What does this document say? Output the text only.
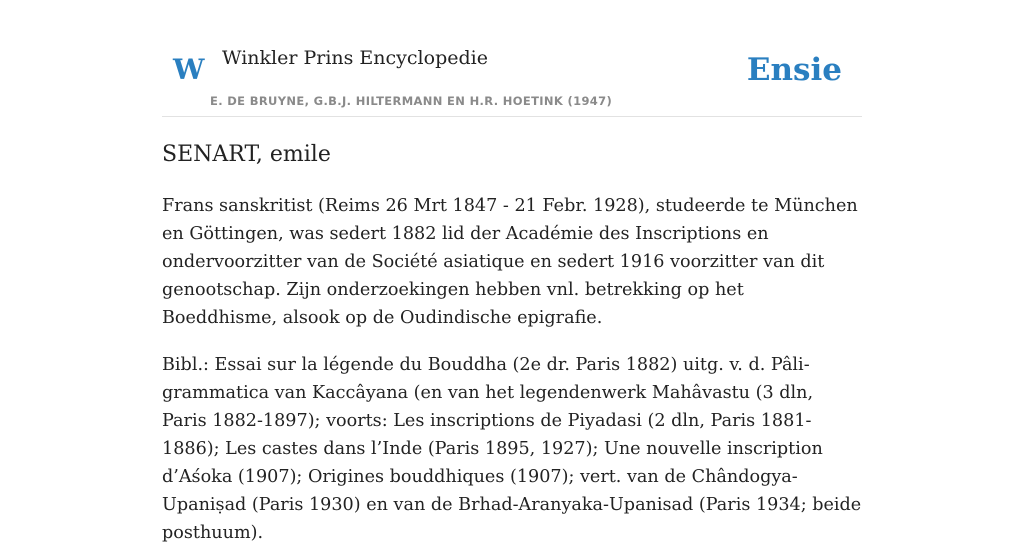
W Winkler Prins Encyclopedie
E. DE BRUYNE, G.B.J. HILTERMANN EN H.R. HOETINK (1947)
Ensie
SENART, emile

Frans sanskritist (Reims 26 Mrt 1847 - 21 Febr. 1928), studeerde te München en Göttingen, was sedert 1882 lid der Académie des Inscriptions en ondervoorzitter van de Société asiatique en sedert 1916 voorzitter van dit genootschap. Zijn onderzoekingen hebben vnl. betrekking op het Boeddhisme, alsook op de Oudindische epigrafie.

Bibl.: Essai sur la légende du Bouddha (2e dr. Paris 1882) uitg. v. d. Pâli-grammatica van Kaccâyana (en van het legendenwerk Mahâvastu (3 dln, Paris 1882-1897); voorts: Les inscriptions de Piyadasi (2 dln, Paris 1881-1886); Les castes dans l’Inde (Paris 1895, 1927); Une nouvelle inscription d’Aśoka (1907); Origines bouddhiques (1907); vert. van de Chândogya-Upaniṣad (Paris 1930) en van de Brhad-Aranyaka-Upanisad (Paris 1934; beide posthuum).
